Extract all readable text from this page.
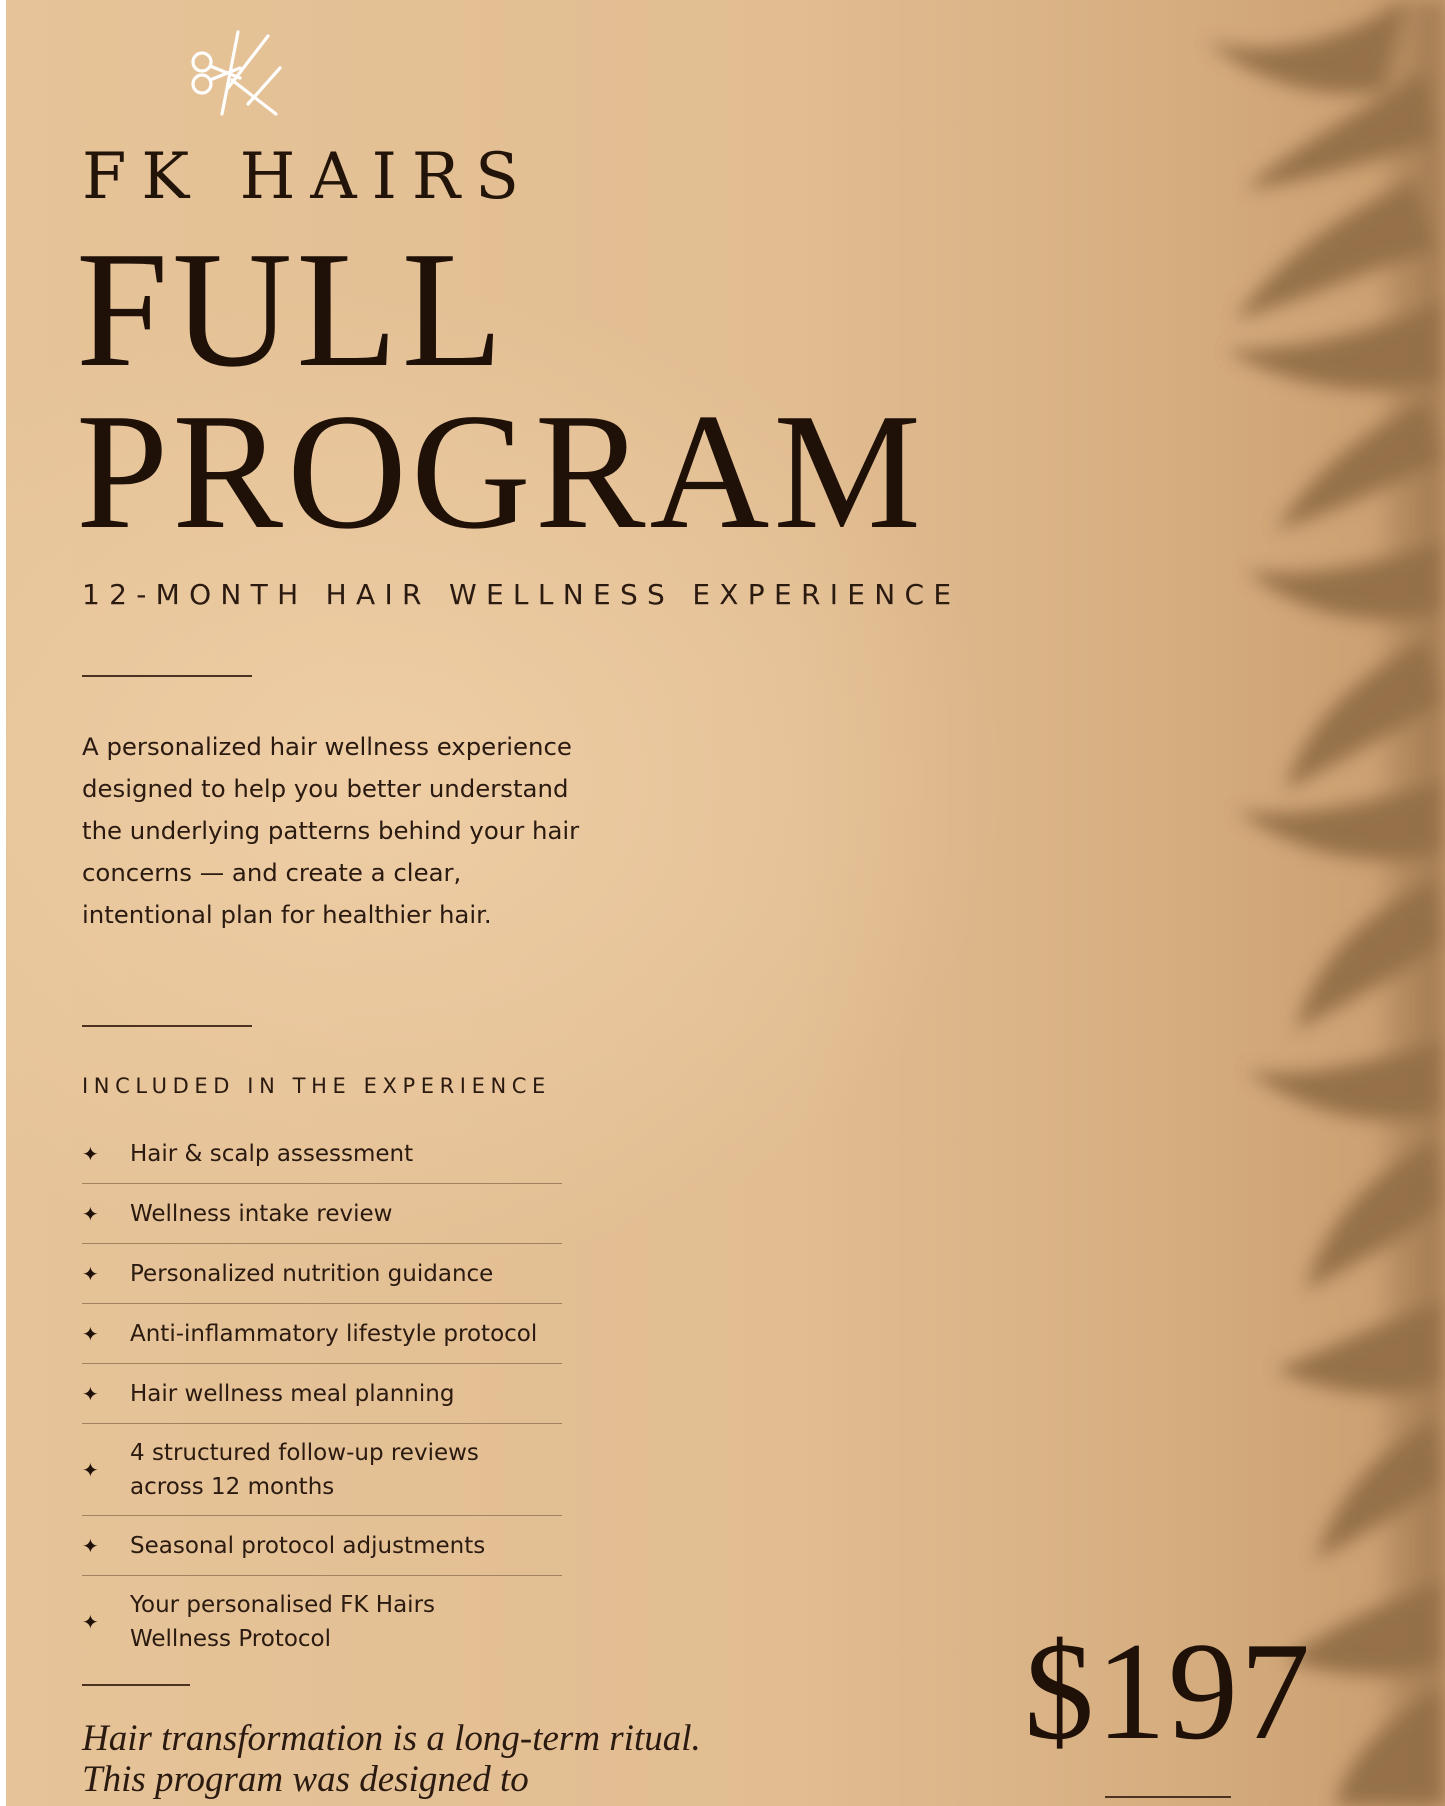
FK HAIRS
FULL
PROGRAM
12-MONTH HAIR WELLNESS EXPERIENCE

A personalized hair wellness experience designed to help you better understand the underlying patterns behind your hair concerns — and create a clear, intentional plan for healthier hair.

INCLUDED IN THE EXPERIENCE
✦ Hair & scalp assessment
✦ Wellness intake review
✦ Personalized nutrition guidance
✦ Anti-inflammatory lifestyle protocol
✦ Hair wellness meal planning
✦
4 structured follow-up reviews
across 12 months
✦ Seasonal protocol adjustments
✦
Your personalised FK Hairs
Wellness Protocol	$197

Hair transformation is a long-term ritual.
This program was designed to
